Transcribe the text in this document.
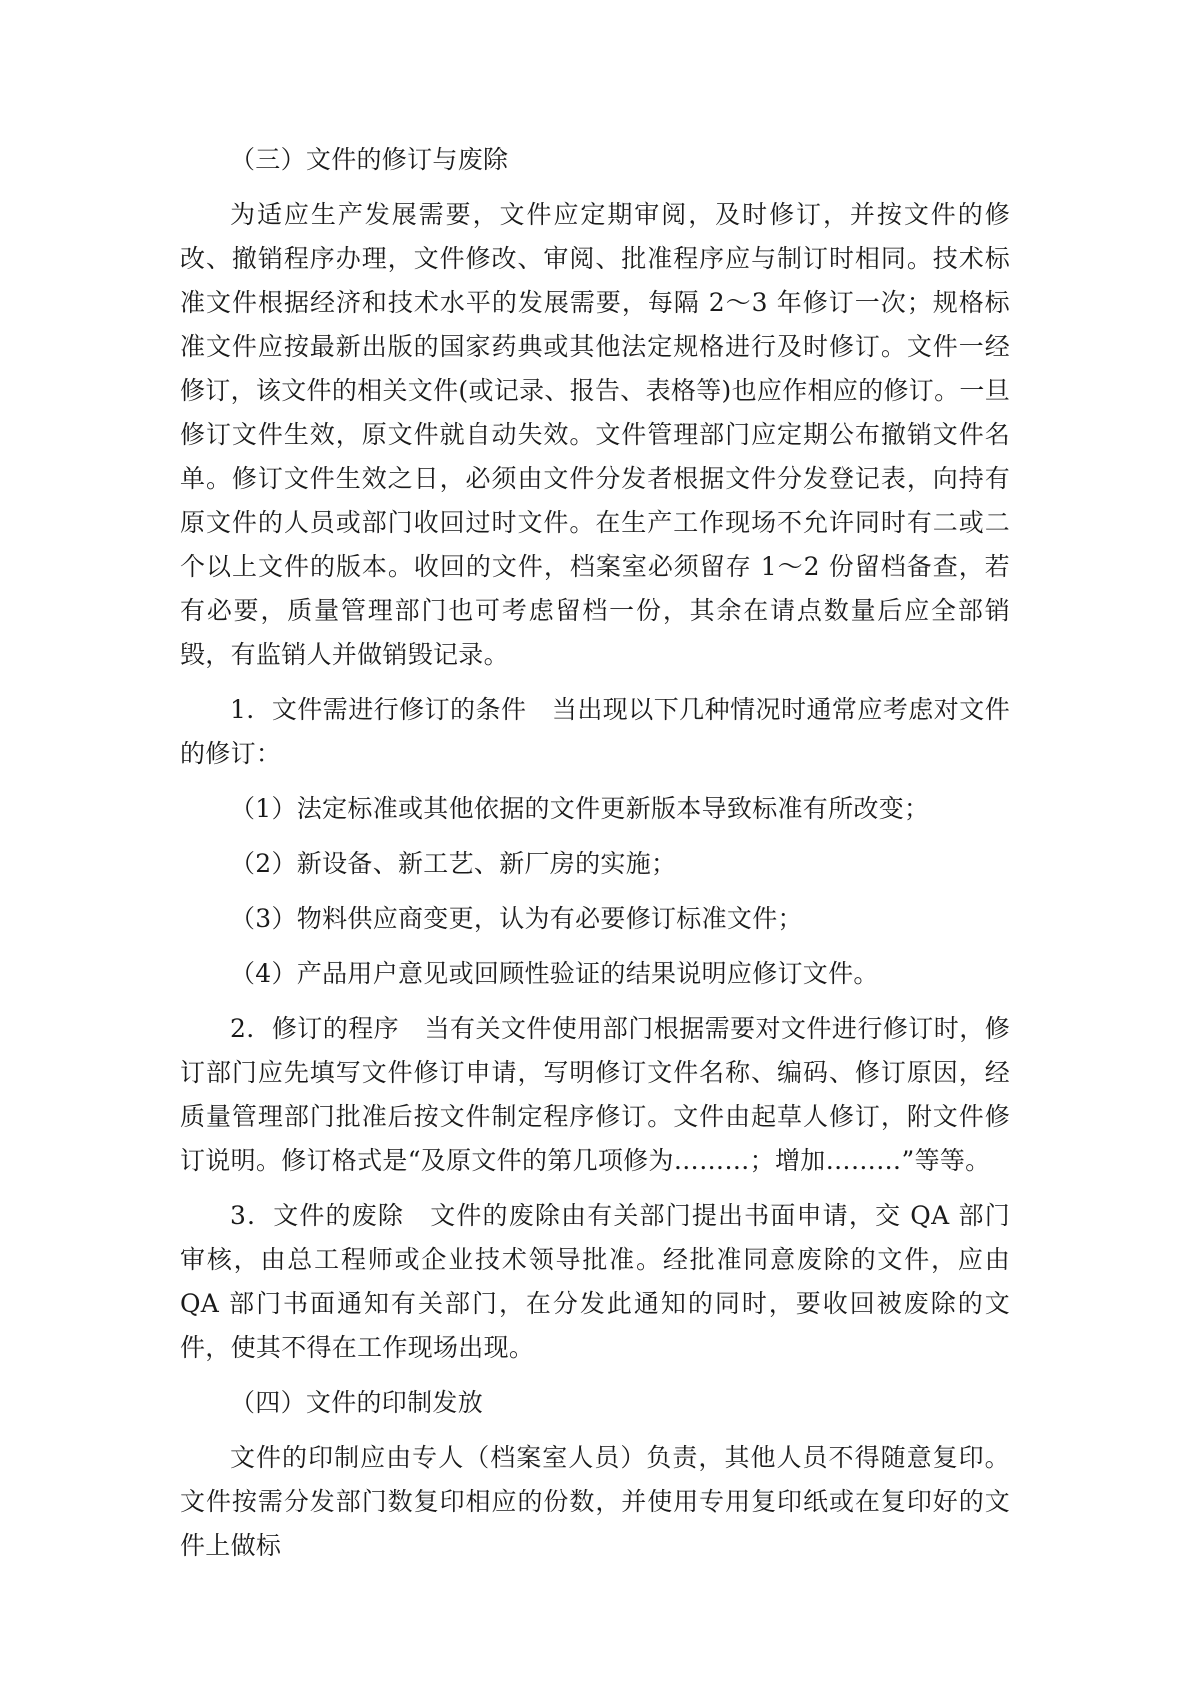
（三）文件的修订与废除

为适应生产发展需要，文件应定期审阅，及时修订，并按文件的修改、撤销程序办理，文件修改、审阅、批准程序应与制订时相同。技术标准文件根据经济和技术水平的发展需要，每隔 2～3 年修订一次；规格标准文件应按最新出版的国家药典或其他法定规格进行及时修订。文件一经修订，该文件的相关文件(或记录、报告、表格等)也应作相应的修订。一旦修订文件生效，原文件就自动失效。文件管理部门应定期公布撤销文件名单。修订文件生效之日，必须由文件分发者根据文件分发登记表，向持有原文件的人员或部门收回过时文件。在生产工作现场不允许同时有二或二个以上文件的版本。收回的文件，档案室必须留存 1～2 份留档备查，若有必要，质量管理部门也可考虑留档一份，其余在请点数量后应全部销毁，有监销人并做销毁记录。

1．文件需进行修订的条件　当出现以下几种情况时通常应考虑对文件的修订：

（1）法定标准或其他依据的文件更新版本导致标准有所改变；

（2）新设备、新工艺、新厂房的实施；

（3）物料供应商变更，认为有必要修订标准文件；

（4）产品用户意见或回顾性验证的结果说明应修订文件。

2．修订的程序　当有关文件使用部门根据需要对文件进行修订时，修订部门应先填写文件修订申请，写明修订文件名称、编码、修订原因，经质量管理部门批准后按文件制定程序修订。文件由起草人修订，附文件修订说明。修订格式是“及原文件的第几项修为………；增加………”等等。

3．文件的废除　文件的废除由有关部门提出书面申请，交 QA 部门审核，由总工程师或企业技术领导批准。经批准同意废除的文件，应由 QA 部门书面通知有关部门，在分发此通知的同时，要收回被废除的文件，使其不得在工作现场出现。

（四）文件的印制发放

文件的印制应由专人（档案室人员）负责，其他人员不得随意复印。文件按需分发部门数复印相应的份数，并使用专用复印纸或在复印好的文件上做标
